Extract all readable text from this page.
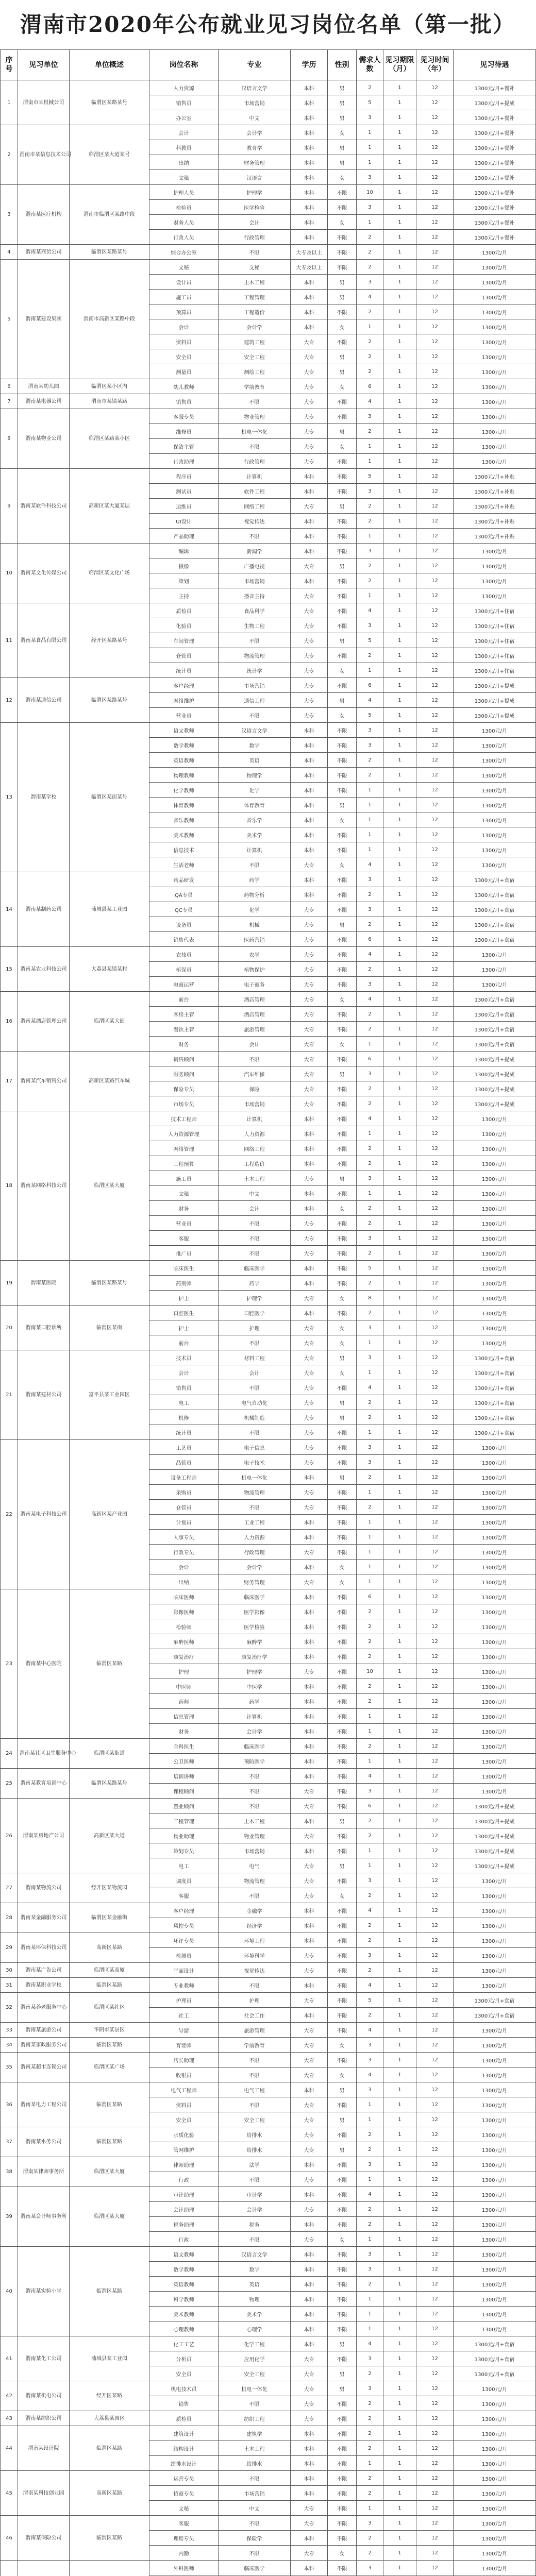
渭南市2020年公布就业见习岗位名单（第一批）
序号	见习单位	单位概述	岗位名称	专业	学历	性别	需求人数	见习期限（月）	见习时间（年）	见习待遇
1	渭南市某机械公司	临渭区某路某号	人力资源	汉语言文学	本科	男	2	1	12	1300元/月+餐补
			销售员	市场营销	本科	男	5	1	12	1300元/月+提成
			办公室	中文	本科	男	3	1	12	1300元/月+餐补
2	渭南市某信息技术公司	临渭区某大道某号	会计	会计学	本科	女	1	1	12	1300元/月+餐补
			科教员	教育学	本科	男	1	1	12	1300元/月+餐补
			出纳	财务管理	本科	男	1	1	12	1300元/月+餐补
			文秘	汉语言	本科	女	3	1	12	1300元/月+餐补
3	渭南某医疗机构	渭南市临渭区某路中段	护理人员	护理学	本科	不限	10	1	12	1300元/月+餐补
			检验员	医学检验	本科	不限	3	1	12	1300元/月+餐补
			财务人员	会计	本科	女	1	1	12	1300元/月+餐补
			行政人员	行政管理	本科	不限	2	1	12	1300元/月+餐补
4	渭南某商贸公司	临渭区某路某号	综合办公室	不限	大专及以上	不限	2	1	12	1300元/月
5	渭南某建设集团	渭南市高新区某路中段	文秘	文秘	大专及以上	不限	2	1	12	1300元/月
			设计员	土木工程	本科	男	3	1	12	1300元/月
			施工员	工程管理	本科	男	4	1	12	1300元/月
			预算员	工程造价	本科	不限	2	1	12	1300元/月
			会计	会计学	本科	女	1	1	12	1300元/月
			资料员	建筑工程	大专	不限	2	1	12	1300元/月
			安全员	安全工程	大专	男	2	1	12	1300元/月
			测量员	测绘工程	大专	男	2	1	12	1300元/月
6	渭南某幼儿园	临渭区某小区内	幼儿教师	学前教育	大专	女	6	1	12	1300元/月
7	渭南某电器公司	渭南市某镇某路	销售员	不限	大专	不限	4	1	12	1300元/月
8	渭南某物业公司	临渭区某路某小区	客服专员	物业管理	大专	不限	3	1	12	1300元/月
			维修员	机电一体化	大专	男	2	1	12	1300元/月
			保洁主管	不限	大专	女	1	1	12	1300元/月
			行政助理	行政管理	大专	不限	1	1	12	1300元/月
9	渭南某软件科技公司	高新区某大厦某层	程序员	计算机	本科	不限	5	1	12	1300元/月+补贴
			测试员	软件工程	本科	不限	3	1	12	1300元/月+补贴
			运维员	网络工程	大专	男	2	1	12	1300元/月+补贴
			UI设计	视觉传达	本科	不限	2	1	12	1300元/月+补贴
			产品助理	不限	本科	不限	1	1	12	1300元/月+补贴
10	渭南某文化传媒公司	临渭区某文化广场	编辑	新闻学	本科	不限	3	1	12	1300元/月
			摄像	广播电视	大专	男	2	1	12	1300元/月
			策划	市场营销	本科	不限	2	1	12	1300元/月
			主持	播音主持	大专	不限	1	1	12	1300元/月
11	渭南某食品有限公司	经开区某路某号	质检员	食品科学	大专	不限	4	1	12	1300元/月+住宿
			化验员	生物工程	大专	不限	3	1	12	1300元/月+住宿
			车间管理	不限	大专	男	5	1	12	1300元/月+住宿
			仓管员	物流管理	大专	不限	2	1	12	1300元/月+住宿
			统计员	统计学	大专	女	1	1	12	1300元/月+住宿
12	渭南某通信公司	临渭区某路某号	客户经理	市场营销	大专	不限	6	1	12	1300元/月+提成
			网络维护	通信工程	大专	男	4	1	12	1300元/月+提成
			营业员	不限	大专	女	5	1	12	1300元/月+提成
13	渭南某学校	临渭区某街某号	语文教师	汉语言文学	本科	不限	3	1	12	1300元/月
			数学教师	数学	本科	不限	3	1	12	1300元/月
			英语教师	英语	本科	不限	2	1	12	1300元/月
			物理教师	物理学	本科	不限	2	1	12	1300元/月
			化学教师	化学	本科	不限	1	1	12	1300元/月
			体育教师	体育教育	本科	男	1	1	12	1300元/月
			音乐教师	音乐学	本科	女	1	1	12	1300元/月
			美术教师	美术学	本科	不限	1	1	12	1300元/月
			信息技术	计算机	本科	不限	1	1	12	1300元/月
			生活老师	不限	大专	女	4	1	12	1300元/月
14	渭南某制药公司	蒲城县某工业园	药品研发	药学	本科	不限	3	1	12	1300元/月+食宿
			QA专员	药物分析	本科	不限	2	1	12	1300元/月+食宿
			QC专员	化学	大专	不限	3	1	12	1300元/月+食宿
			设备员	机械	大专	男	2	1	12	1300元/月+食宿
			销售代表	医药营销	大专	不限	6	1	12	1300元/月+食宿
15	渭南某农业科技公司	大荔县某镇某村	农技员	农学	大专	不限	4	1	12	1300元/月
			植保员	植物保护	大专	不限	2	1	12	1300元/月
			电商运营	电子商务	大专	不限	3	1	12	1300元/月
16	渭南某酒店管理公司	临渭区某大街	前台	酒店管理	大专	女	4	1	12	1300元/月+食宿
			客房主管	酒店管理	大专	不限	2	1	12	1300元/月+食宿
			餐饮主管	旅游管理	大专	不限	2	1	12	1300元/月+食宿
			财务	会计	大专	女	1	1	12	1300元/月+食宿
17	渭南某汽车销售公司	高新区某路汽车城	销售顾问	不限	大专	不限	6	1	12	1300元/月+提成
			服务顾问	汽车维修	大专	男	3	1	12	1300元/月+提成
			保险专员	保险	大专	不限	2	1	12	1300元/月+提成
			市场专员	市场营销	大专	不限	2	1	12	1300元/月+提成
18	渭南某网络科技公司	临渭区某大厦	技术工程师	计算机	本科	不限	4	1	12	1300元/月
			人力资源管理	人力资源	本科	不限	1	1	12	1300元/月
			网络管理	网络工程	本科	不限	2	1	12	1300元/月
			工程预算	工程造价	本科	不限	2	1	12	1300元/月
			施工员	土木工程	大专	男	3	1	12	1300元/月
			文秘	中文	本科	不限	1	1	12	1300元/月
			财务	会计	本科	女	2	1	12	1300元/月
			营业员	不限	大专	不限	2	1	12	1300元/月
			客服	不限	大专	不限	3	1	12	1300元/月
			推广员	不限	大专	不限	2	1	12	1300元/月
19	渭南某医院	临渭区某路某号	临床医生	临床医学	本科	不限	5	1	12	1300元/月
			药剂师	药学	本科	不限	2	1	12	1300元/月
			护士	护理学	大专	女	8	1	12	1300元/月
20	渭南某口腔诊所	临渭区某街	口腔医生	口腔医学	本科	不限	2	1	12	1300元/月
			护士	护理	大专	女	3	1	12	1300元/月
			前台	不限	大专	女	1	1	12	1300元/月
21	渭南某建材公司	富平县某工业园区	技术员	材料工程	大专	男	3	1	12	1300元/月+食宿
			会计	会计	大专	女	1	1	12	1300元/月+食宿
			销售员	不限	大专	不限	4	1	12	1300元/月+食宿
			电工	电气自动化	大专	男	2	1	12	1300元/月+食宿
			机修	机械制造	大专	男	2	1	12	1300元/月+食宿
			统计员	不限	大专	不限	1	1	12	1300元/月+食宿
22	渭南某电子科技公司	高新区某产业园	工艺员	电子信息	大专	不限	3	1	12	1300元/月
			品管员	电子技术	大专	不限	3	1	12	1300元/月
			设备工程师	机电一体化	本科	男	2	1	12	1300元/月
			采购员	物流管理	大专	不限	1	1	12	1300元/月
			仓管员	不限	大专	不限	2	1	12	1300元/月
			计划员	工业工程	本科	不限	1	1	12	1300元/月
			人事专员	人力资源	本科	不限	1	1	12	1300元/月
			行政专员	行政管理	大专	不限	1	1	12	1300元/月
			会计	会计学	本科	女	1	1	12	1300元/月
			出纳	财务管理	大专	女	1	1	12	1300元/月
23	渭南某中心医院	临渭区某路	临床医师	临床医学	本科	不限	6	1	12	1300元/月
			影像医师	医学影像	本科	不限	2	1	12	1300元/月
			检验师	医学检验	本科	不限	2	1	12	1300元/月
			麻醉医师	麻醉学	本科	不限	2	1	12	1300元/月
			康复治疗	康复治疗学	本科	不限	2	1	12	1300元/月
			护理	护理学	大专	不限	10	1	12	1300元/月
			中医师	中医学	本科	不限	2	1	12	1300元/月
			药师	药学	本科	不限	2	1	12	1300元/月
			信息管理	计算机	本科	不限	1	1	12	1300元/月
			财务	会计学	本科	不限	1	1	12	1300元/月
24	渭南某社区卫生服务中心	临渭区某街道	全科医生	临床医学	本科	不限	2	1	12	1300元/月
			公卫医师	预防医学	本科	不限	1	1	12	1300元/月
25	渭南某教育培训中心	临渭区某路某号	培训讲师	不限	本科	不限	4	1	12	1300元/月
			课程顾问	不限	大专	不限	3	1	12	1300元/月
26	渭南某房地产公司	高新区某大道	置业顾问	不限	大专	不限	6	1	12	1300元/月+提成
			工程管理	土木工程	本科	男	2	1	12	1300元/月+提成
			物业助理	物业管理	大专	不限	2	1	12	1300元/月+提成
			策划专员	市场营销	本科	不限	1	1	12	1300元/月+提成
			电工	电气	大专	男	1	1	12	1300元/月+提成
27	渭南某物流公司	经开区某物流园	调度员	物流管理	大专	不限	3	1	12	1300元/月
			客服	不限	大专	女	2	1	12	1300元/月
28	渭南某金融服务公司	临渭区某金融街	客户经理	金融学	本科	不限	4	1	12	1300元/月
			风控专员	经济学	本科	不限	2	1	12	1300元/月
29	渭南某环保科技公司	高新区某路	环评专员	环境工程	本科	不限	2	1	12	1300元/月
			检测员	环境科学	大专	不限	3	1	12	1300元/月
30	渭南某广告公司	临渭区某商厦	平面设计	视觉传达	大专	不限	2	1	12	1300元/月
31	渭南某职业学校	临渭区某路	专业教师	不限	本科	不限	4	1	12	1300元/月
32	渭南某养老服务中心	临渭区某社区	护理员	护理	大专	不限	5	1	12	1300元/月+食宿
			社工	社会工作	本科	不限	2	1	12	1300元/月+食宿
33	渭南某旅游公司	华阴市某景区	导游	旅游管理	大专	不限	4	1	12	1300元/月
34	渭南某家政服务公司	临渭区某路	育婴师	学前教育	大专	女	3	1	12	1300元/月
35	渭南某超市连锁公司	临渭区某广场	店长助理	不限	大专	不限	3	1	12	1300元/月
			收银员	不限	大专	女	4	1	12	1300元/月
36	渭南某电力工程公司	临渭区某路	电气工程师	电气工程	本科	男	3	1	12	1300元/月
			资料员	不限	大专	不限	1	1	12	1300元/月
			安全员	安全工程	大专	男	1	1	12	1300元/月
37	渭南某水务公司	临渭区某路	水质化验	给排水	大专	不限	2	1	12	1300元/月
			管网维护	给排水	大专	男	2	1	12	1300元/月
38	渭南某律师事务所	临渭区某大厦	律师助理	法学	本科	不限	3	1	12	1300元/月
			行政	不限	大专	不限	1	1	12	1300元/月
39	渭南某会计师事务所	临渭区某大厦	审计助理	审计学	本科	不限	4	1	12	1300元/月
			会计助理	会计学	大专	不限	2	1	12	1300元/月
			税务助理	税务	本科	不限	2	1	12	1300元/月
			行政	不限	大专	女	1	1	12	1300元/月
40	渭南某实验小学	临渭区某路	语文教师	汉语言文学	本科	不限	3	1	12	1300元/月
			数学教师	数学	本科	不限	3	1	12	1300元/月
			英语教师	英语	本科	不限	2	1	12	1300元/月
			科学教师	物理	本科	不限	1	1	12	1300元/月
			美术教师	美术学	本科	不限	1	1	12	1300元/月
			心理教师	心理学	本科	不限	1	1	12	1300元/月
41	渭南某化工公司	蒲城县某工业园	化工工艺	化学工程	本科	男	4	1	12	1300元/月+食宿
			分析员	应用化学	大专	不限	3	1	12	1300元/月+食宿
			安全员	安全工程	大专	男	2	1	12	1300元/月+食宿
42	渭南某机电公司	经开区某路	机电技术员	机电一体化	大专	男	3	1	12	1300元/月
			销售	不限	大专	不限	2	1	12	1300元/月
43	渭南某纺织公司	大荔县某园区	质检员	纺织工程	大专	不限	2	1	12	1300元/月
44	渭南某设计院	临渭区某路	建筑设计	建筑学	本科	不限	2	1	12	1300元/月
			结构设计	土木工程	本科	不限	2	1	12	1300元/月
			给排水设计	给排水	本科	不限	1	1	12	1300元/月
45	渭南某科技创业园	高新区某路	运营专员	不限	本科	不限	2	1	12	1300元/月
			招商专员	市场营销	本科	不限	2	1	12	1300元/月
			文秘	中文	大专	不限	1	1	12	1300元/月
46	渭南某保险公司	临渭区某路	客服	不限	大专	不限	3	1	12	1300元/月
			理赔专员	保险学	本科	不限	2	1	12	1300元/月
			内勤	不限	大专	女	2	1	12	1300元/月
			外科医师	临床医学	本科	不限	3	1	12	1300元/月
